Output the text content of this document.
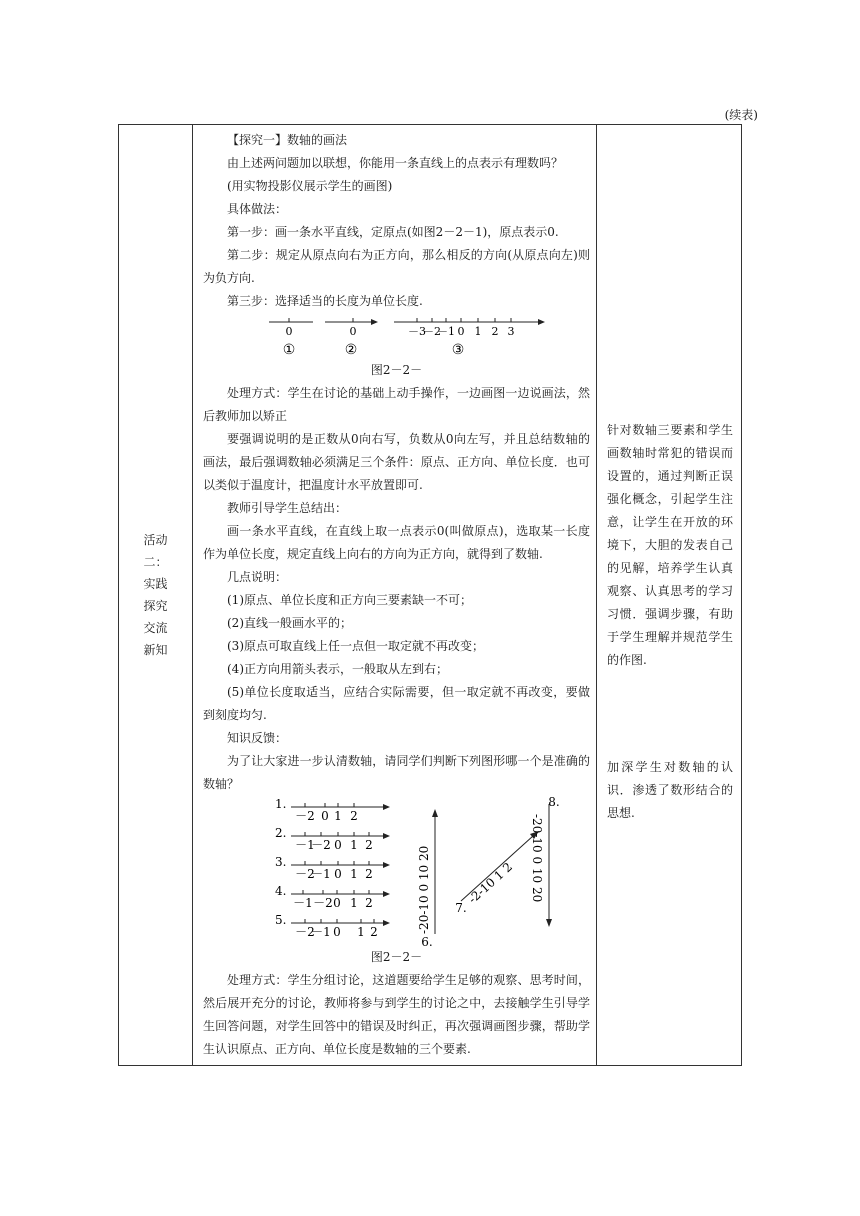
(续表)
活动
二：
实践
探究
交流
新知

【探究一】数轴的画法

由上述两问题加以联想，你能用一条直线上的点表示有理数吗？

(用实物投影仪展示学生的画图)

具体做法：

第一步：画一条水平直线，定原点(如图2－2－1)，原点表示0.

第二步：规定从原点向右为正方向，那么相反的方向(从原点向左)则为负方向.

第三步：选择适当的长度为单位长度.

0
①
0
②
－3
－2
－1 0 1 2 3
③

图2－2－

处理方式：学生在讨论的基础上动手操作，一边画图一边说画法，然后教师加以矫正

要强调说明的是正数从0向右写，负数从0向左写，并且总结数轴的画法，最后强调数轴必须满足三个条件：原点、正方向、单位长度．也可以类似于温度计，把温度计水平放置即可.

教师引导学生总结出：

画一条水平直线，在直线上取一点表示0(叫做原点)，选取某一长度作为单位长度，规定直线上向右的方向为正方向，就得到了数轴.

几点说明：

(1)原点、单位长度和正方向三要素缺一不可；

(2)直线一般画水平的；

(3)原点可取直线上任一点但一取定就不再改变；

(4)正方向用箭头表示，一般取从左到右；

(5)单位长度取适当，应结合实际需要，但一取定就不再改变，要做到刻度均匀.

知识反馈：

为了让大家进一步认清数轴，请同学们判断下列图形哪一个是准确的数轴？

1.
－2 0 1 2
2.
－1
－2 0 1 2
3.
－2
－1 0 1 2
4.
－1 －2 0 1 2
5.
－2
－1 0 1 2	-20-10 0 10 20
6.
-2-10 1 2
7.
-20-10 0 10 20
8.

图2－2－

处理方式：学生分组讨论，这道题要给学生足够的观察、思考时间，然后展开充分的讨论，教师将参与到学生的讨论之中，去接触学生引导学生回答问题，对学生回答中的错误及时纠正，再次强调画图步骤，帮助学生认识原点、正方向、单位长度是数轴的三个要素.

针对数轴三要素和学生画数轴时常犯的错误而设置的，通过判断正误强化概念，引起学生注意，让学生在开放的环境下，大胆的发表自己的见解，培养学生认真观察、认真思考的学习习惯．强调步骤，有助于学生理解并规范学生的作图.
加深学生对数轴的认识．渗透了数形结合的思想.
